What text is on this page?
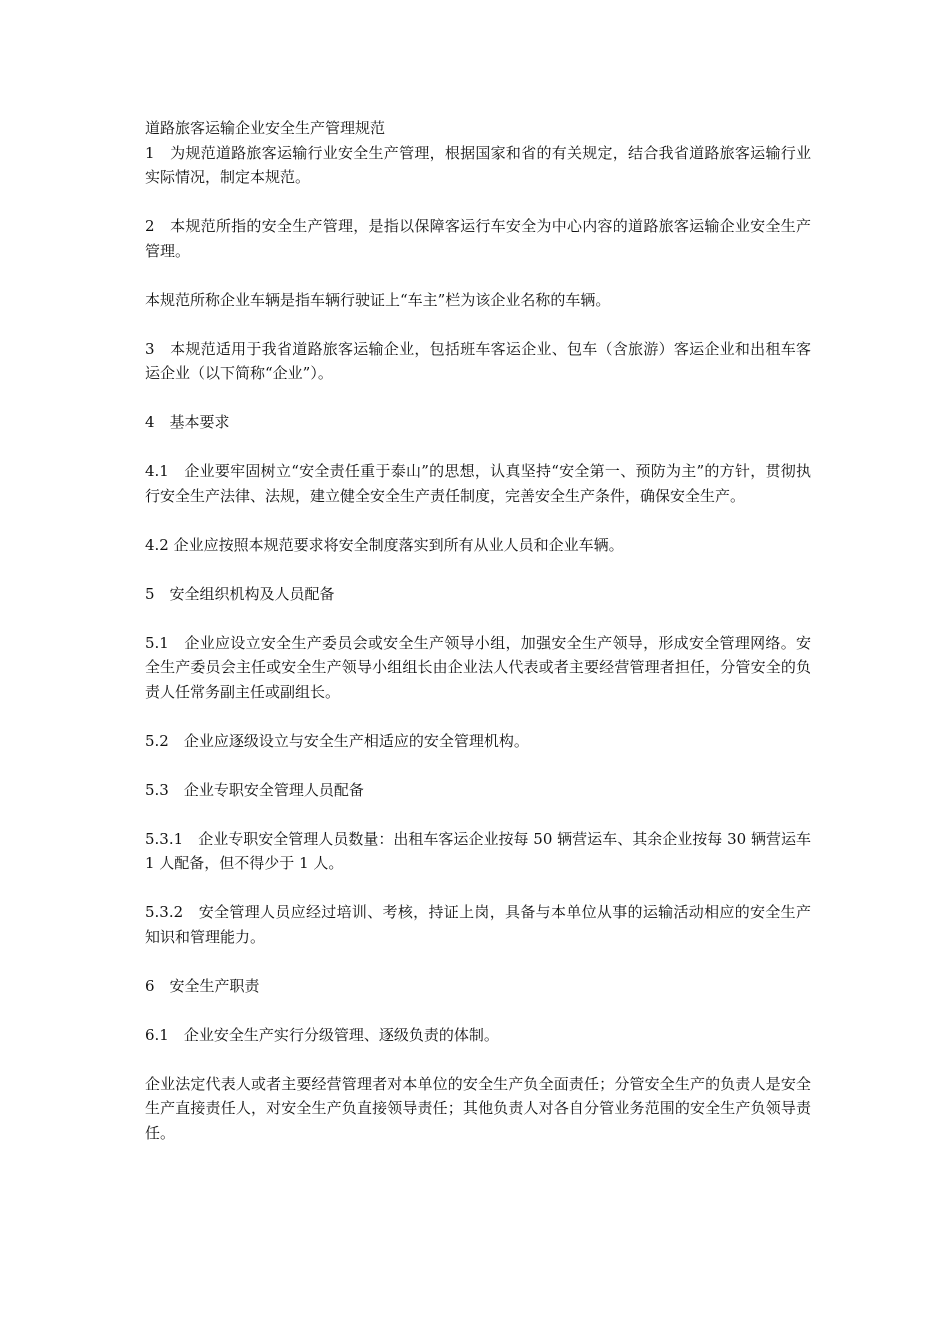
道路旅客运输企业安全生产管理规范

1　为规范道路旅客运输行业安全生产管理，根据国家和省的有关规定，结合我省道路旅客运输行业实际情况，制定本规范。

2　本规范所指的安全生产管理，是指以保障客运行车安全为中心内容的道路旅客运输企业安全生产管理。

本规范所称企业车辆是指车辆行驶证上“车主”栏为该企业名称的车辆。

3　本规范适用于我省道路旅客运输企业，包括班车客运企业、包车（含旅游）客运企业和出租车客运企业（以下简称“企业”）。

4　基本要求

4.1　企业要牢固树立“安全责任重于泰山”的思想，认真坚持“安全第一、预防为主”的方针，贯彻执行安全生产法律、法规，建立健全安全生产责任制度，完善安全生产条件，确保安全生产。

4.2 企业应按照本规范要求将安全制度落实到所有从业人员和企业车辆。

5　安全组织机构及人员配备

5.1　企业应设立安全生产委员会或安全生产领导小组，加强安全生产领导，形成安全管理网络。安全生产委员会主任或安全生产领导小组组长由企业法人代表或者主要经营管理者担任，分管安全的负责人任常务副主任或副组长。

5.2　企业应逐级设立与安全生产相适应的安全管理机构。

5.3　企业专职安全管理人员配备

5.3.1　企业专职安全管理人员数量：出租车客运企业按每 50 辆营运车、其余企业按每 30 辆营运车 1 人配备，但不得少于 1 人。

5.3.2　安全管理人员应经过培训、考核，持证上岗，具备与本单位从事的运输活动相应的安全生产知识和管理能力。

6　安全生产职责

6.1　企业安全生产实行分级管理、逐级负责的体制。

企业法定代表人或者主要经营管理者对本单位的安全生产负全面责任；分管安全生产的负责人是安全生产直接责任人，对安全生产负直接领导责任；其他负责人对各自分管业务范围的安全生产负领导责任。
